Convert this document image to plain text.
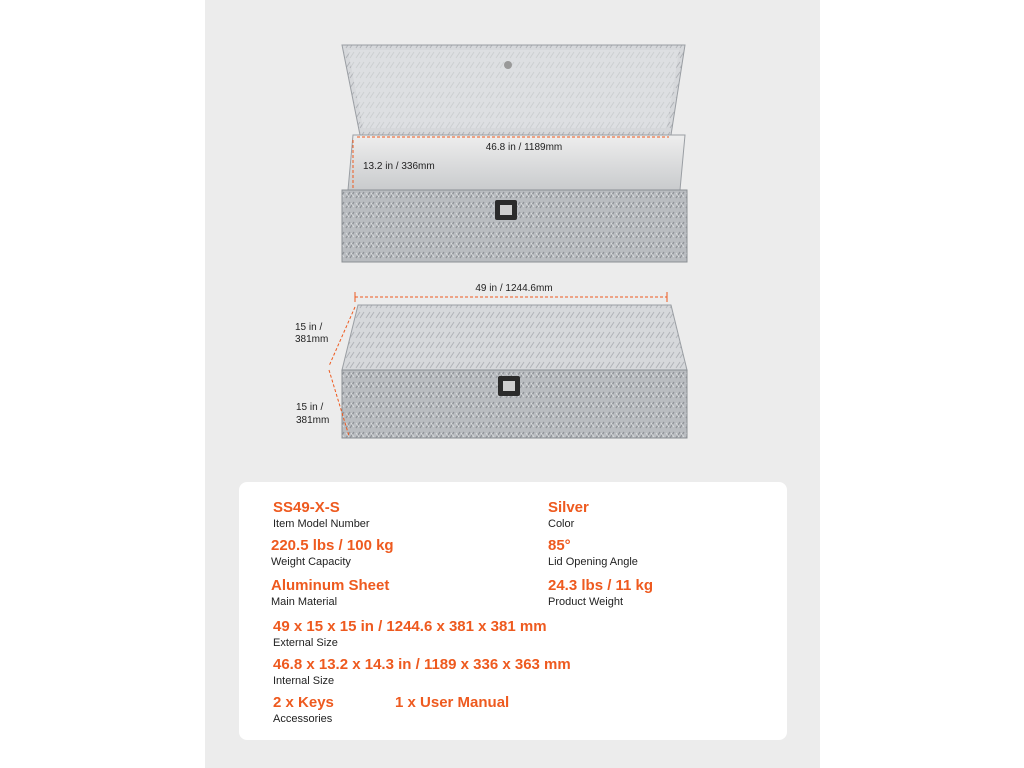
46.8 in / 1189mm
13.2 in / 336mm
49 in / 1244.6mm
15 in / 381mm
15 in / 381mm
SS49-X-S
Item Model Number
Silver
Color
220.5 lbs / 100 kg
Weight Capacity
85°
Lid Opening Angle
Aluminum Sheet
Main Material
24.3 lbs / 11 kg
Product Weight
49 x 15 x 15 in / 1244.6 x 381 x 381 mm
External Size
46.8 x 13.2 x 14.3 in / 1189 x 336 x 363 mm
Internal Size
2 x Keys
Accessories
1 x User Manual
